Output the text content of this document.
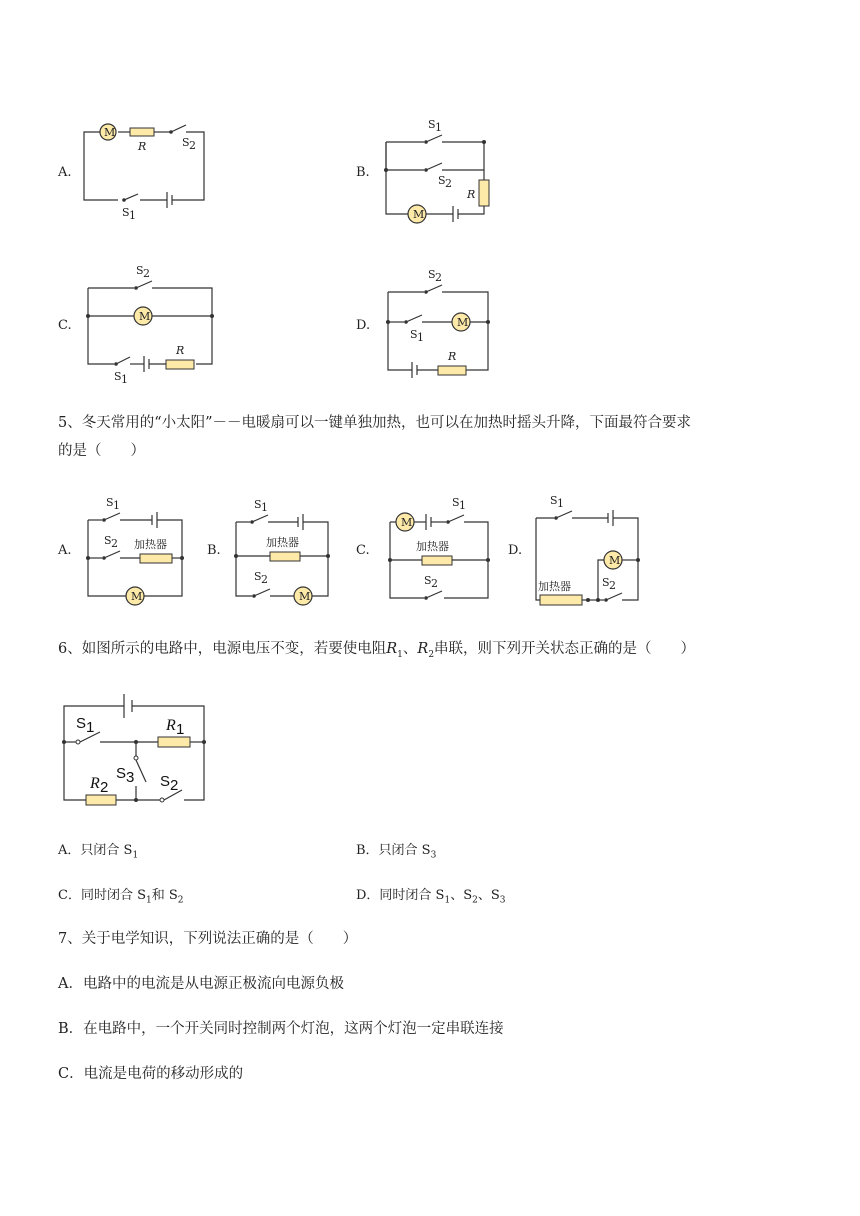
A.	B.
C.	D.
M
R	S 2
S 1	M
S 1
S 2
R
M
S 2
R
S 1
M
S 2
S 1
R
5、冬天常用的“小太阳”－－电暖扇可以一键单独加热，也可以在加热时摇头升降，下面最符合要求
的是（　　）
A.	B.	C.	D.
M
S 1
S 2 加热器
M
S 1
加热器
S 2
M
S 1
加热器
S 2
M
S 1
加热器	S 2
6、如图所示的电路中，电源电压不变，若要使电阻$R_1$、$R_2$串联，则下列开关状态正确的是（　　）
S 1	R 1
S 3
R 2	S 2
A．只闭合 $S_1$	B．只闭合 $S_3$
C．同时闭合 $S_1$和 $S_2$	D．同时闭合 $S_1$、$S_2$、$S_3$
7、关于电学知识，下列说法正确的是（　　）
A．电路中的电流是从电源正极流向电源负极
B．在电路中，一个开关同时控制两个灯泡，这两个灯泡一定串联连接
C．电流是电荷的移动形成的
